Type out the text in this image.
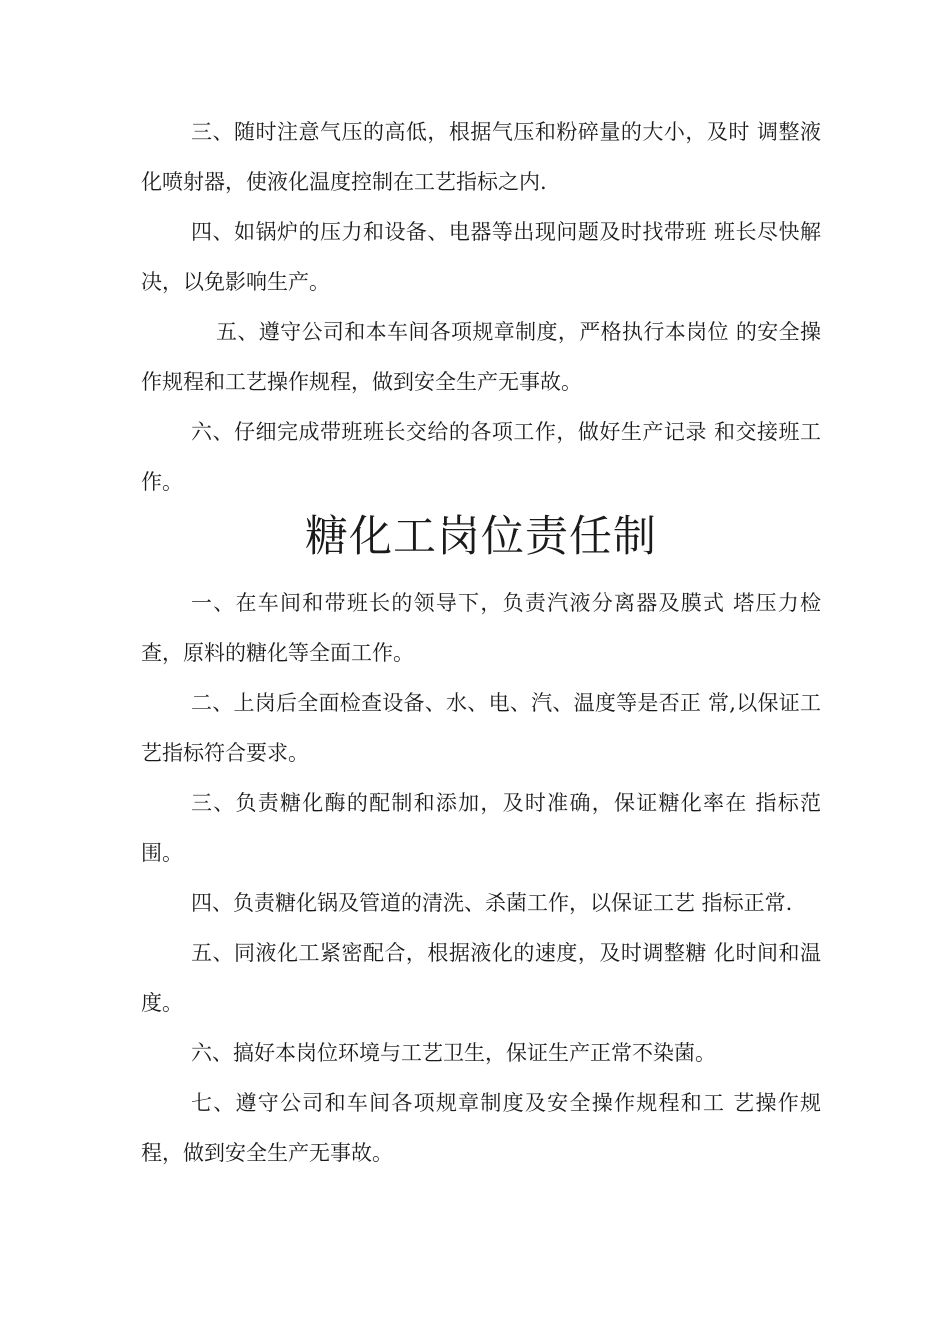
三、随时注意气压的高低，根据气压和粉碎量的大小，及时 调整液化喷射器，使液化温度控制在工艺指标之内.

四、如锅炉的压力和设备、电器等出现问题及时找带班 班长尽快解决，以免影响生产。

五、遵守公司和本车间各项规章制度，严格执行本岗位 的安全操作规程和工艺操作规程，做到安全生产无事故。

六、仔细完成带班班长交给的各项工作，做好生产记录 和交接班工作。

糖化工岗位责任制

一、在车间和带班长的领导下，负责汽液分离器及膜式 塔压力检查，原料的糖化等全面工作。

二、上岗后全面检查设备、水、电、汽、温度等是否正 常,以保证工艺指标符合要求。

三、负责糖化酶的配制和添加，及时准确，保证糖化率在 指标范围。

四、负责糖化锅及管道的清洗、杀菌工作，以保证工艺 指标正常.

五、同液化工紧密配合，根据液化的速度，及时调整糖 化时间和温度。

六、搞好本岗位环境与工艺卫生，保证生产正常不染菌。

七、遵守公司和车间各项规章制度及安全操作规程和工 艺操作规程，做到安全生产无事故。
